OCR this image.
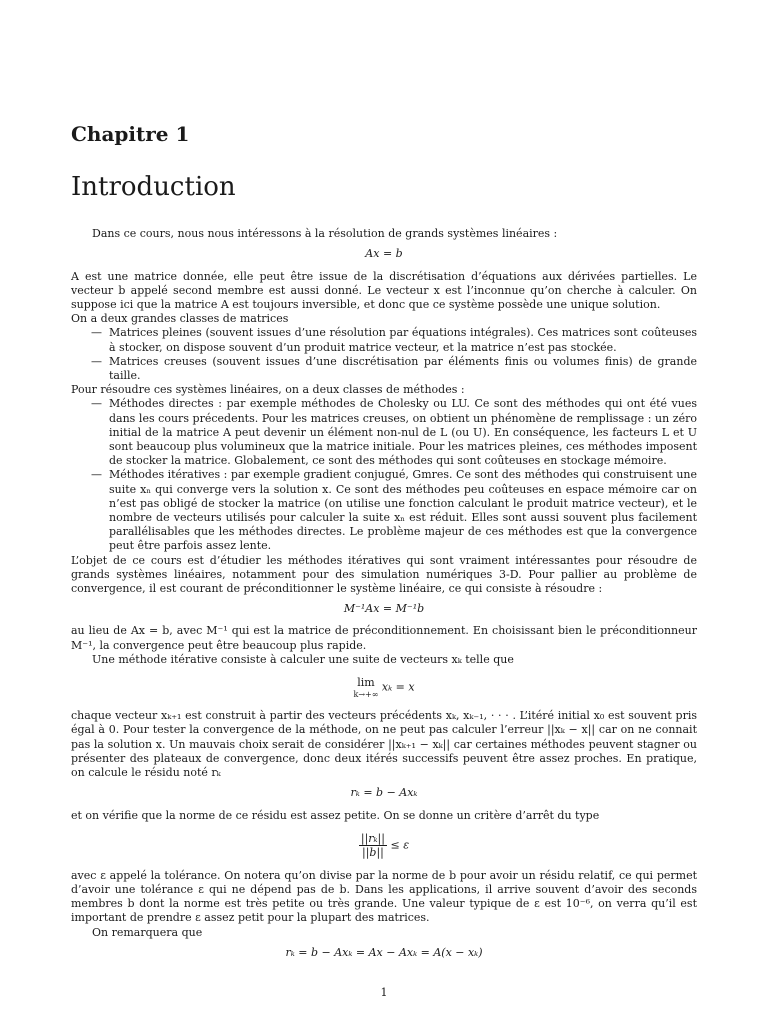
Chapitre 1
Introduction

Dans ce cours, nous nous intéressons à la résolution de grands systèmes linéaires :

Ax = b

A est une matrice donnée, elle peut être issue de la discrétisation d’équations aux dérivées partielles. Le vecteur b appelé second membre est aussi donné. Le vecteur x est l’inconnue qu’on cherche à calculer. On suppose ici que la matrice A est toujours inversible, et donc que ce système possède une unique solution.

On a deux grandes classes de matrices

— Matrices pleines (souvent issues d’une résolution par équations intégrales). Ces matrices sont coûteuses à stocker, on dispose souvent d’un produit matrice vecteur, et la matrice n’est pas stockée.
— Matrices creuses (souvent issues d’une discrétisation par éléments finis ou volumes finis) de grande taille.

Pour résoudre ces systèmes linéaires, on a deux classes de méthodes :

— Méthodes directes : par exemple méthodes de Cholesky ou LU. Ce sont des méthodes qui ont été vues dans les cours précedents. Pour les matrices creuses, on obtient un phénomène de remplissage : un zéro initial de la matrice A peut devenir un élément non-nul de L (ou U). En conséquence, les facteurs L et U sont beaucoup plus volumineux que la matrice initiale. Pour les matrices pleines, ces méthodes imposent de stocker la matrice. Globalement, ce sont des méthodes qui sont coûteuses en stockage mémoire.
— Méthodes itératives : par exemple gradient conjugué, Gmres. Ce sont des méthodes qui construisent une suite xₙ qui converge vers la solution x. Ce sont des méthodes peu coûteuses en espace mémoire car on n’est pas obligé de stocker la matrice (on utilise une fonction calculant le produit matrice vecteur), et le nombre de vecteurs utilisés pour calculer la suite xₙ est réduit. Elles sont aussi souvent plus facilement parallélisables que les méthodes directes. Le problème majeur de ces méthodes est que la convergence peut être parfois assez lente.

L’objet de ce cours est d’étudier les méthodes itératives qui sont vraiment intéressantes pour résoudre de grands systèmes linéaires, notamment pour des simulation numériques 3-D. Pour pallier au problème de convergence, il est courant de préconditionner le système linéaire, ce qui consiste à résoudre :

M⁻¹Ax = M⁻¹b

au lieu de Ax = b, avec M⁻¹ qui est la matrice de préconditionnement. En choisissant bien le préconditionneur M⁻¹, la convergence peut être beaucoup plus rapide.

Une méthode itérative consiste à calculer une suite de vecteurs xₖ telle que

lim
k→+∞
xₖ = x

chaque vecteur xₖ₊₁ est construit à partir des vecteurs précédents xₖ, xₖ₋₁, · · · . L’itéré initial x₀ est souvent pris égal à 0. Pour tester la convergence de la méthode, on ne peut pas calculer l’erreur ||xₖ − x|| car on ne connait pas la solution x. Un mauvais choix serait de considérer ||xₖ₊₁ − xₖ|| car certaines méthodes peuvent stagner ou présenter des plateaux de convergence, donc deux itérés successifs peuvent être assez proches. En pratique, on calcule le résidu noté rₖ

rₖ = b − Axₖ

et on vérifie que la norme de ce résidu est assez petite. On se donne un critère d’arrêt du type

$\frac{\text{||rₖ||}}{||b||} \le \varepsilon$

avec ε appelé la tolérance. On notera qu’on divise par la norme de b pour avoir un résidu relatif, ce qui permet d’avoir une tolérance ε qui ne dépend pas de b. Dans les applications, il arrive souvent d’avoir des seconds membres b dont la norme est très petite ou très grande. Une valeur typique de ε est 10⁻⁶, on verra qu’il est important de prendre ε assez petit pour la plupart des matrices.

On remarquera que

rₖ = b − Axₖ = Ax − Axₖ = A(x − xₖ)
1
